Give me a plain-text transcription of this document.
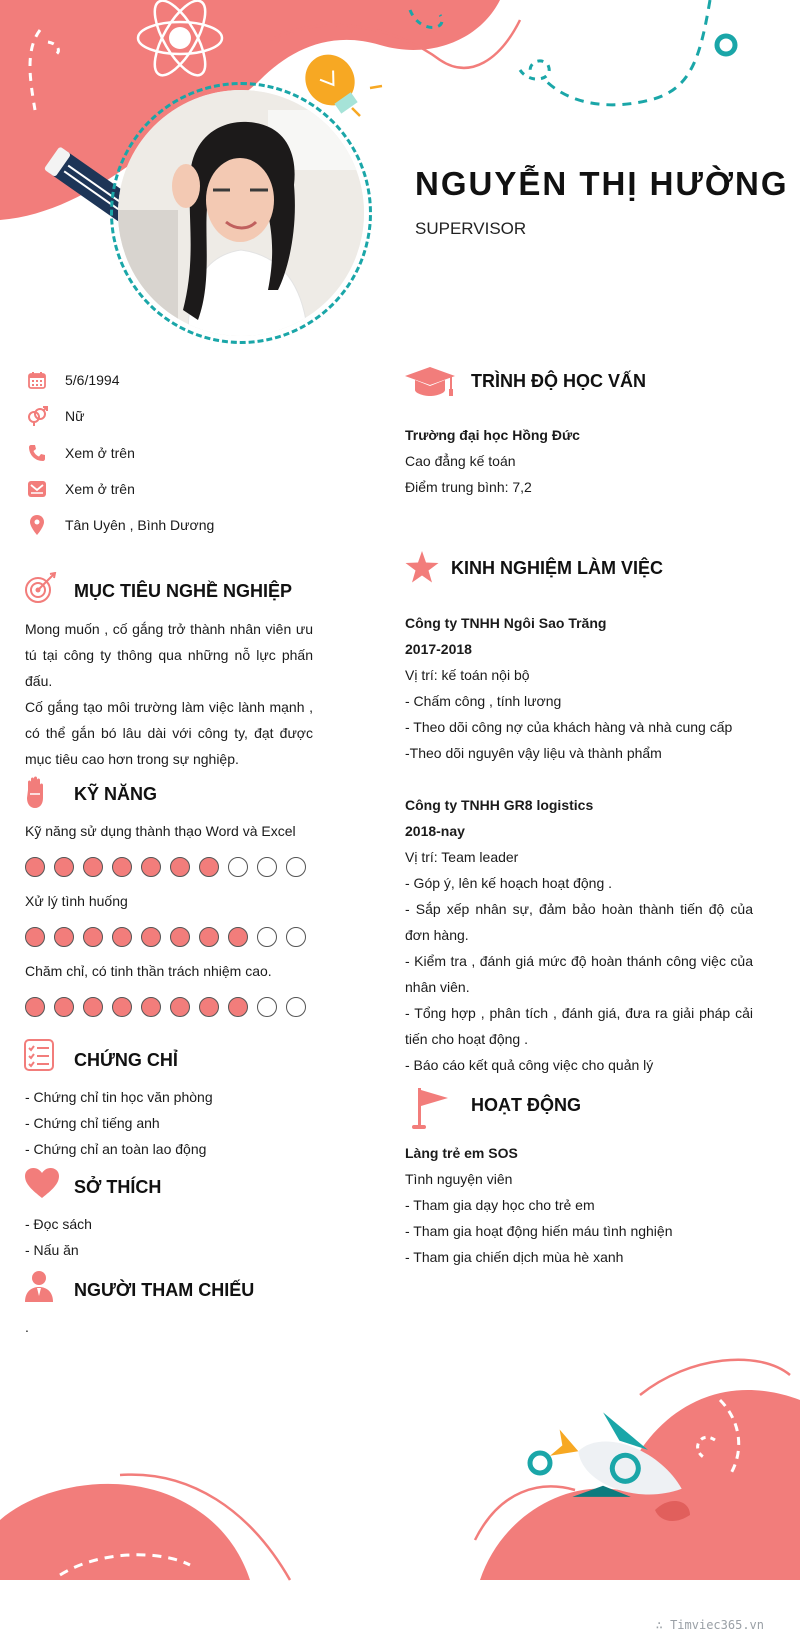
NGUYỄN THỊ HƯỜNG
SUPERVISOR
5/6/1994
Nữ
Xem ở trên
Xem ở trên
Tân Uyên , Bình Dương
MỤC TIÊU NGHỀ NGHIỆP
Mong muốn , cố gắng trở thành nhân viên ưu tú tại công ty thông qua những nỗ lực phấn đấu.
Cố gắng tạo môi trường làm việc lành mạnh , có thể gắn bó lâu dài với công ty, đạt được mục tiêu cao hơn trong sự nghiệp.
KỸ NĂNG
Kỹ năng sử dụng thành thạo Word và Excel
Xử lý tình huống
Chăm chỉ, có tinh thần trách nhiệm cao.
CHỨNG CHỈ
- Chứng chỉ tin học văn phòng
- Chứng chỉ tiếng anh
- Chứng chỉ an toàn lao động
SỞ THÍCH
- Đọc sách
- Nấu ăn
NGƯỜI THAM CHIẾU
.
TRÌNH ĐỘ HỌC VẤN
Trường đại học Hồng Đức
Cao đẳng kế toán
Điểm trung bình: 7,2
KINH NGHIỆM LÀM VIỆC
Công ty TNHH Ngôi Sao Trăng
2017-2018
Vị trí: kế toán nội bộ
- Chấm công , tính lương
- Theo dõi công nợ của khách hàng và nhà cung cấp
-Theo dõi nguyên vậy liệu và thành phẩm
Công ty TNHH GR8 logistics
2018-nay
Vị trí: Team leader
- Góp ý, lên kế hoạch hoạt động .
- Sắp xếp nhân sự, đảm bảo hoàn thành tiến độ của đơn hàng.
- Kiểm tra , đánh giá mức độ hoàn thánh công việc của nhân viên.
- Tổng hợp , phân tích , đánh giá, đưa ra giải pháp cải tiến cho hoạt động .
- Báo cáo kết quả công việc cho quản lý
HOẠT ĐỘNG
Làng trẻ em SOS
Tình nguyện viên
- Tham gia dạy học cho trẻ em
- Tham gia hoạt động hiến máu tình nghiện
- Tham gia chiến dịch mùa hè xanh
∴ Timviec365.vn
